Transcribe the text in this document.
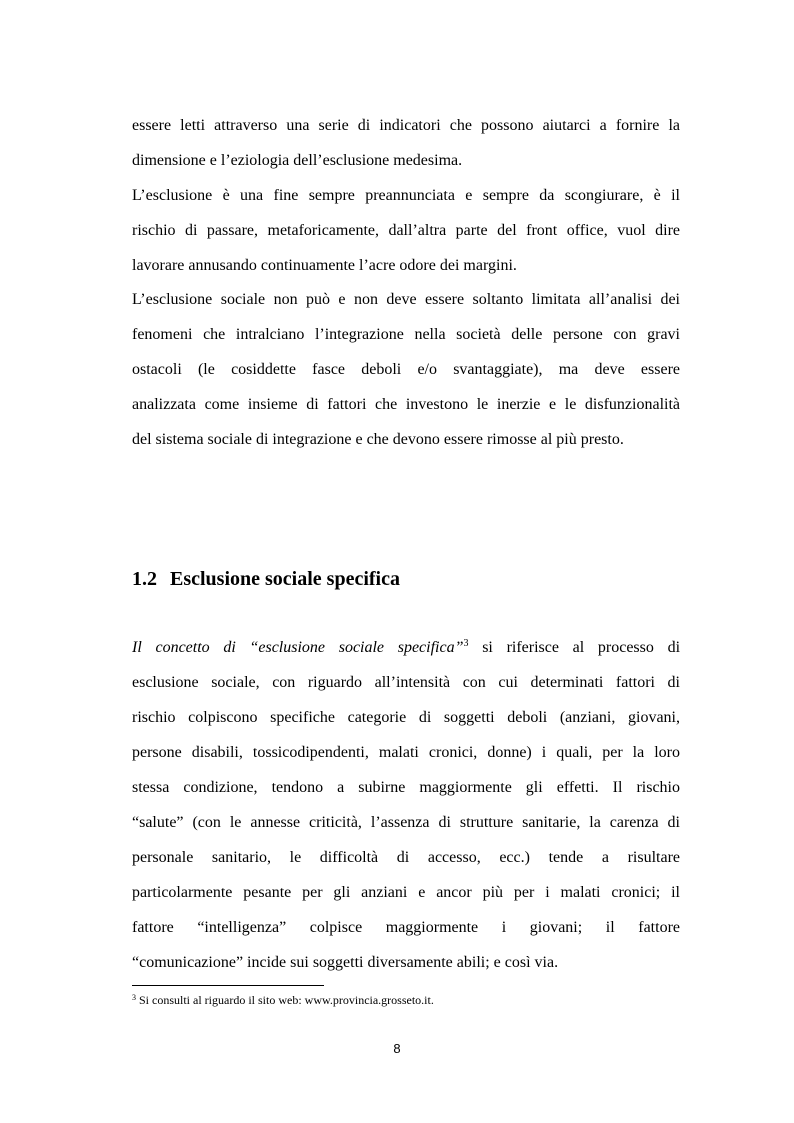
essere letti attraverso una serie di indicatori che possono aiutarci a fornire la
dimensione e l’eziologia dell’esclusione medesima.
L’esclusione è una fine sempre preannunciata e sempre da scongiurare, è il
rischio di passare, metaforicamente, dall’altra parte del front office, vuol dire
lavorare annusando continuamente l’acre odore dei margini.
L’esclusione sociale non può e non deve essere soltanto limitata all’analisi dei
fenomeni che intralciano l’integrazione nella società delle persone con gravi
ostacoli (le cosiddette fasce deboli e/o svantaggiate), ma deve essere
analizzata come insieme di fattori che investono le inerzie e le disfunzionalità
del sistema sociale di integrazione e che devono essere rimosse al più presto.
1.2 Esclusione sociale specifica
Il concetto di “esclusione sociale specifica”$^3$ si riferisce al processo di
esclusione sociale, con riguardo all’intensità con cui determinati fattori di
rischio colpiscono specifiche categorie di soggetti deboli (anziani, giovani,
persone disabili, tossicodipendenti, malati cronici, donne) i quali, per la loro
stessa condizione, tendono a subirne maggiormente gli effetti. Il rischio
“salute” (con le annesse criticità, l’assenza di strutture sanitarie, la carenza di
personale sanitario, le difficoltà di accesso, ecc.) tende a risultare
particolarmente pesante per gli anziani e ancor più per i malati cronici; il
fattore “intelligenza” colpisce maggiormente i giovani; il fattore
“comunicazione” incide sui soggetti diversamente abili; e così via.
$^3$ Si consulti al riguardo il sito web: www.provincia.grosseto.it.
8
